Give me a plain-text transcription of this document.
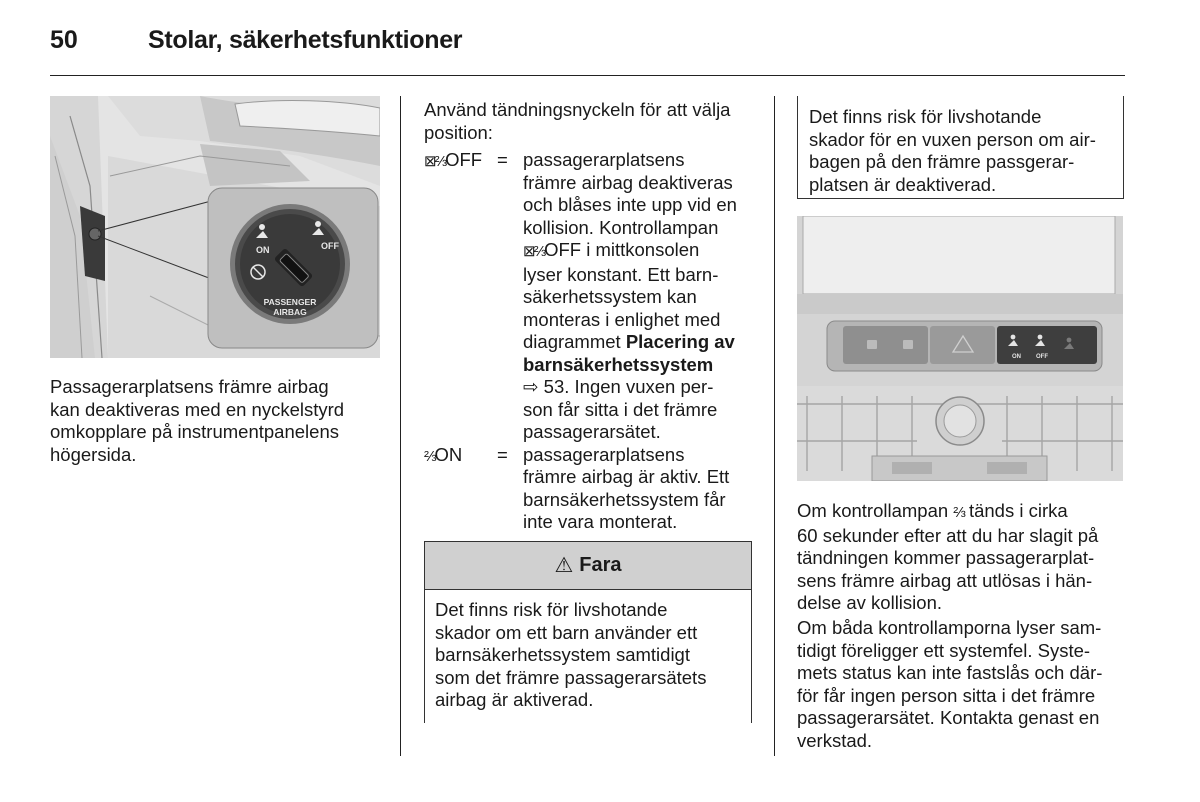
50	Stolar, säkerhetsfunktioner
ON	OFF
PASSENGER
AIRBAG
Passagerarplatsens främre airbag
kan deaktiveras med en nyckelstyrd
omkopplare på instrumentpanelens
högersida.
Använd tändningsnyckeln för att välja
position:
⊠⅔OFF = passagerarplatsens
främre airbag deaktiveras
och blåses inte upp vid en
kollision. Kontrollampan
⊠⅔OFF i mittkonsolen
lyser konstant. Ett barn-
säkerhetssystem kan
monteras i enlighet med
diagrammet Placering av
barnsäkerhetssystem
⇨ 53. Ingen vuxen per-
son får sitta i det främre
passagerarsätet.
⅔ON	= passagerarplatsens
främre airbag är aktiv. Ett
barnsäkerhetssystem får
inte vara monterat.
⚠ Fara
Det finns risk för livshotande
skador om ett barn använder ett
barnsäkerhetssystem samtidigt
som det främre passagerarsätets
airbag är aktiverad.
Det finns risk för livshotande
skador för en vuxen person om air-
bagen på den främre passgerar-
platsen är deaktiverad.
ON	OFF
Om kontrollampan ⅔ tänds i cirka
60 sekunder efter att du har slagit på
tändningen kommer passagerarplat-
sens främre airbag att utlösas i hän-
delse av kollision.
Om båda kontrollamporna lyser sam-
tidigt föreligger ett systemfel. Syste-
mets status kan inte fastslås och där-
för får ingen person sitta i det främre
passagerarsätet. Kontakta genast en
verkstad.
